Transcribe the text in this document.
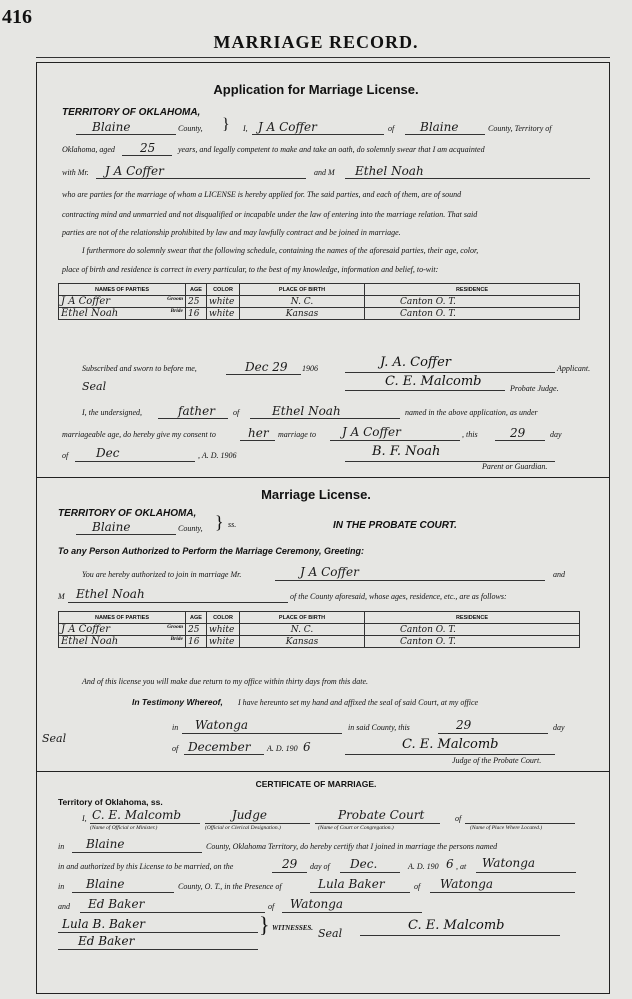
416
MARRIAGE RECORD.
Application for Marriage License.
TERRITORY OF OKLAHOMA,
Blaine	County, } I, J A Coffer	of Blaine	County, Territory of
Oklahoma, aged 25	years, and legally competent to make and take an oath, do solemnly swear that I am acquainted
with Mr. J A Coffer	and M Ethel Noah
who are parties for the marriage of whom a LICENSE is hereby applied for. The said parties, and each of them, are of sound
contracting mind and unmarried and not disqualified or incapable under the law of entering into the marriage relation. That said
parties are not of the relationship prohibited by law and may lawfully contract and be joined in marriage.
I furthermore do solemnly swear that the following schedule, containing the names of the aforesaid parties, their age, color,
place of birth and residence is correct in every particular, to the best of my knowledge, information and belief, to-wit:
NAMES OF PARTIES	AGE	COLOR	PLACE OF BIRTH	RESIDENCE
J A Coffer Groom	25	white	N. C.	Canton O. T.
Ethel Noah Bride	16	white	Kansas	Canton O. T.
Subscribed and sworn to before me,	Dec 29 1906	J. A. Coffer	Applicant.
Seal	C. E. Malcomb	Probate Judge.
I, the undersigned,	father of	Ethel Noah	named in the above application, as under
marriageable age, do hereby give my consent to	her marriage to J A Coffer	, this	29	day
of Dec	, A. D. 1906	B. F. Noah
Parent or Guardian.
Marriage License.
TERRITORY OF OKLAHOMA,
Blaine	County, } ss.	IN THE PROBATE COURT.
To any Person Authorized to Perform the Marriage Ceremony, Greeting:
You are hereby authorized to join in marriage Mr.	J A Coffer	and
M Ethel Noah	of the County aforesaid, whose ages, residence, etc., are as follows:
NAMES OF PARTIES	AGE	COLOR	PLACE OF BIRTH	RESIDENCE
J A Coffer Groom	25	white	N. C.	Canton O. T.
Ethel Noah Bride	16	white	Kansas	Canton O. T.
And of this license you will make due return to my office within thirty days from this date.
In Testimony Whereof, I have hereunto set my hand and affixed the seal of said Court, at my office
in Watonga	in said County, this	29	day
Seal
of December A. D. 190 6	C. E. Malcomb
Judge of the Probate Court.
CERTIFICATE OF MARRIAGE.
Territory of Oklahoma, ss.
I, C. E. Malcomb	Judge	Probate Court	of
(Name of Official or Minister.)	(Official or Clerical Designation.)	(Name of Court or Congregation.)	(Name of Place Where Located.)
in Blaine	County, Oklahoma Territory, do hereby certify that I joined in marriage the persons named
in and authorized by this License to be married, on the	29 day of Dec.	A. D. 190 6 , at Watonga
in Blaine	County, O. T., in the Presence of	Lula Baker	of Watonga
and Ed Baker	of Watonga
Lula B. Baker
Ed Baker
} WITNESSES. Seal
C. E. Malcomb
